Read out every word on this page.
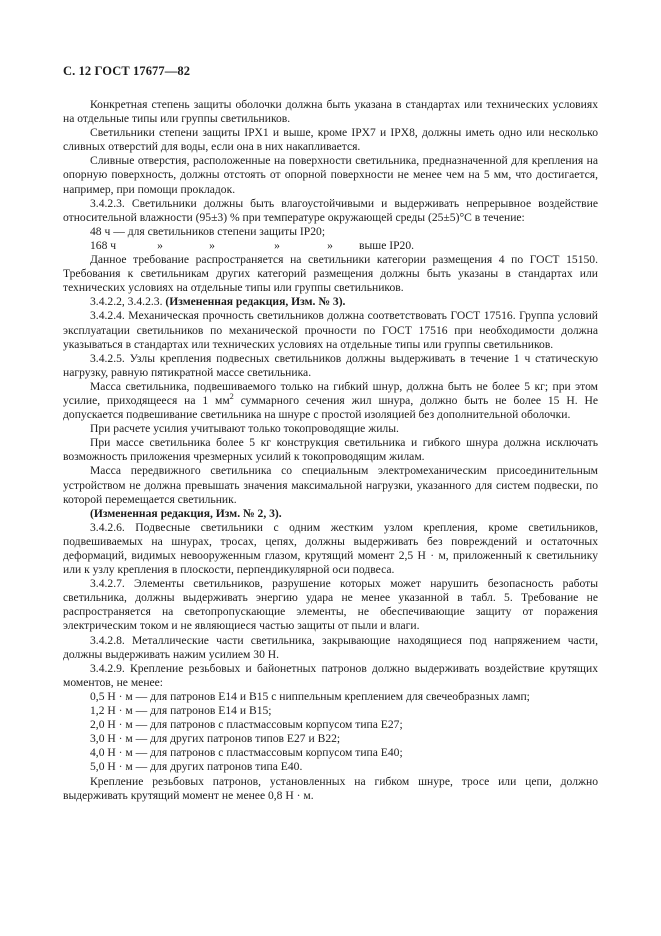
С. 12 ГОСТ 17677—82

Конкретная степень защиты оболочки должна быть указана в стандартах или технических условиях на отдельные типы или группы светильников.

Светильники степени защиты IPX1 и выше, кроме IPX7 и IPX8, должны иметь одно или несколько сливных отверстий для воды, если она в них накапливается.

Сливные отверстия, расположенные на поверхности светильника, предназначенной для крепления на опорную поверхность, должны отстоять от опорной поверхности не менее чем на 5 мм, что достигается, например, при помощи прокладок.

3.4.2.3. Светильники должны быть влагоустойчивыми и выдерживать непрерывное воздействие относительной влажности (95±3) % при температуре окружающей среды (25±5)°С в течение:

48 ч — для светильников степени защиты IP20;
168 ч	»	»	»	»	выше IP20.

Данное требование распространяется на светильники категории размещения 4 по ГОСТ 15150. Требования к светильникам других категорий размещения должны быть указаны в стандартах или технических условиях на отдельные типы или группы светильников.

3.4.2.2, 3.4.2.3. (Измененная редакция, Изм. № 3).

3.4.2.4. Механическая прочность светильников должна соответствовать ГОСТ 17516. Группа условий эксплуатации светильников по механической прочности по ГОСТ 17516 при необходимости должна указываться в стандартах или технических условиях на отдельные типы или группы светильников.

3.4.2.5. Узлы крепления подвесных светильников должны выдерживать в течение 1 ч статическую нагрузку, равную пятикратной массе светильника.

Масса светильника, подвешиваемого только на гибкий шнур, должна быть не более 5 кг; при этом усилие, приходящееся на 1 $мм^2$ суммарного сечения жил шнура, должно быть не более 15 Н. Не допускается подвешивание светильника на шнуре с простой изоляцией без дополнительной оболочки.

При расчете усилия учитывают только токопроводящие жилы.

При массе светильника более 5 кг конструкция светильника и гибкого шнура должна исключать возможность приложения чрезмерных усилий к токопроводящим жилам.

Масса передвижного светильника со специальным электромеханическим присоединительным устройством не должна превышать значения максимальной нагрузки, указанного для систем подвески, по которой перемещается светильник.

(Измененная редакция, Изм. № 2, 3).

3.4.2.6. Подвесные светильники с одним жестким узлом крепления, кроме светильников, подвешиваемых на шнурах, тросах, цепях, должны выдерживать без повреждений и остаточных деформаций, видимых невооруженным глазом, крутящий момент 2,5 Н · м, приложенный к светильнику или к узлу крепления в плоскости, перпендикулярной оси подвеса.

3.4.2.7. Элементы светильников, разрушение которых может нарушить безопасность работы светильника, должны выдерживать энергию удара не менее указанной в табл. 5. Требование не распространяется на светопропускающие элементы, не обеспечивающие защиту от поражения электрическим током и не являющиеся частью защиты от пыли и влаги.

3.4.2.8. Металлические части светильника, закрывающие находящиеся под напряжением части, должны выдерживать нажим усилием 30 Н.

3.4.2.9. Крепление резьбовых и байонетных патронов должно выдерживать воздействие крутящих моментов, не менее:

0,5 Н · м — для патронов Е14 и В15 с ниппельным креплением для свечеобразных ламп;
1,2 Н · м — для патронов Е14 и В15;
2,0 Н · м — для патронов с пластмассовым корпусом типа Е27;
3,0 Н · м — для других патронов типов Е27 и В22;
4,0 Н · м — для патронов с пластмассовым корпусом типа Е40;
5,0 Н · м — для других патронов типа Е40.

Крепление резьбовых патронов, установленных на гибком шнуре, тросе или цепи, должно выдерживать крутящий момент не менее 0,8 Н · м.
